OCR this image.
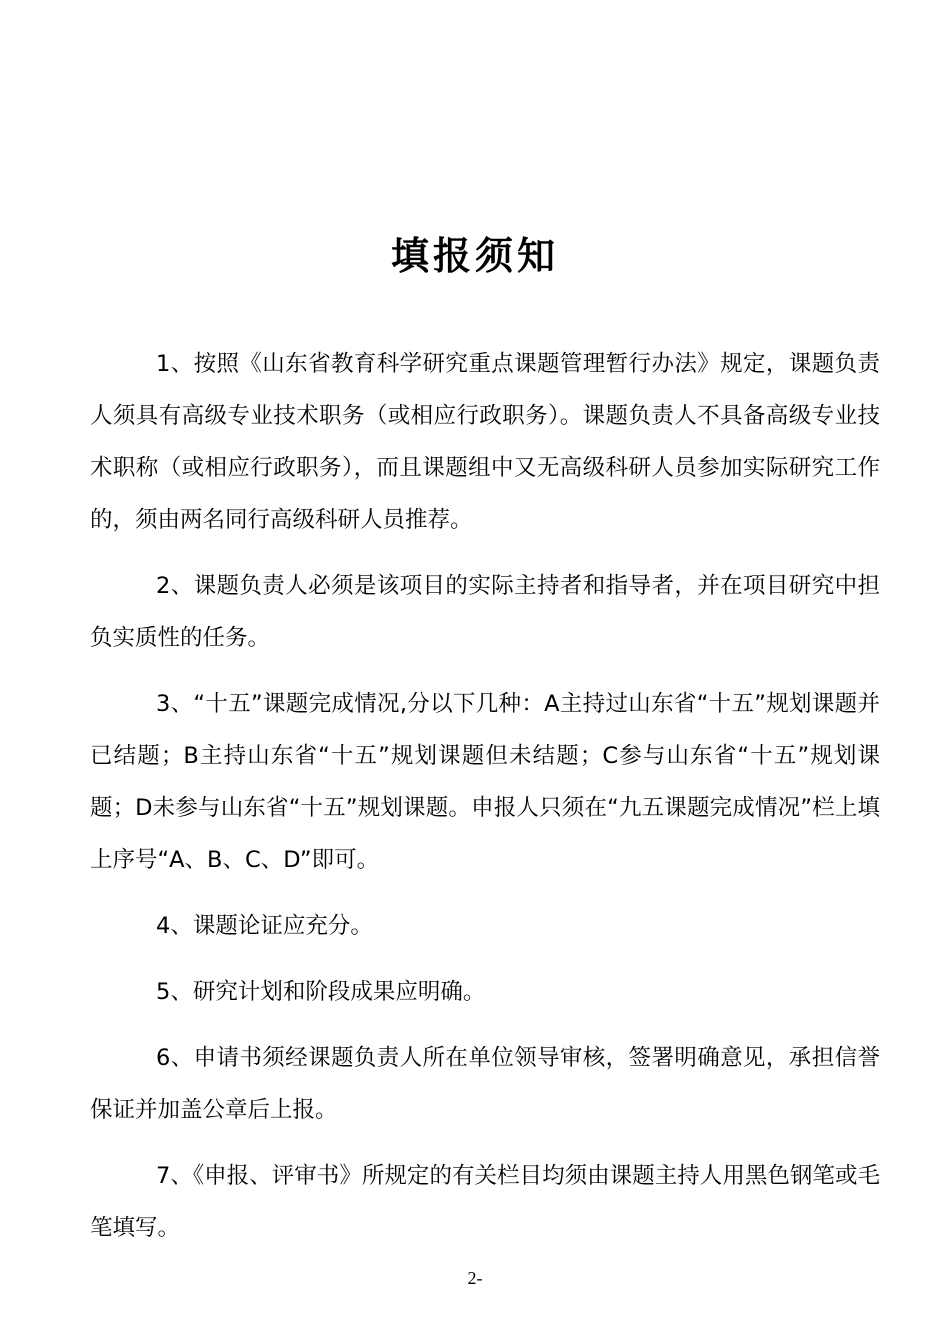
填报须知

1、按照《山东省教育科学研究重点课题管理暂行办法》规定，课题负责人须具有高级专业技术职务（或相应行政职务）。课题负责人不具备高级专业技术职称（或相应行政职务），而且课题组中又无高级科研人员参加实际研究工作的，须由两名同行高级科研人员推荐。

2、课题负责人必须是该项目的实际主持者和指导者，并在项目研究中担负实质性的任务。

3、“十五”课题完成情况,分以下几种：A主持过山东省“十五”规划课题并已结题；B主持山东省“十五”规划课题但未结题；C参与山东省“十五”规划课题；D未参与山东省“十五”规划课题。申报人只须在“九五课题完成情况”栏上填上序号“A、B、C、D”即可。

4、课题论证应充分。

5、研究计划和阶段成果应明确。

6、申请书须经课题负责人所在单位领导审核，签署明确意见，承担信誉保证并加盖公章后上报。

7、《申报、评审书》所规定的有关栏目均须由课题主持人用黑色钢笔或毛笔填写。

2-
